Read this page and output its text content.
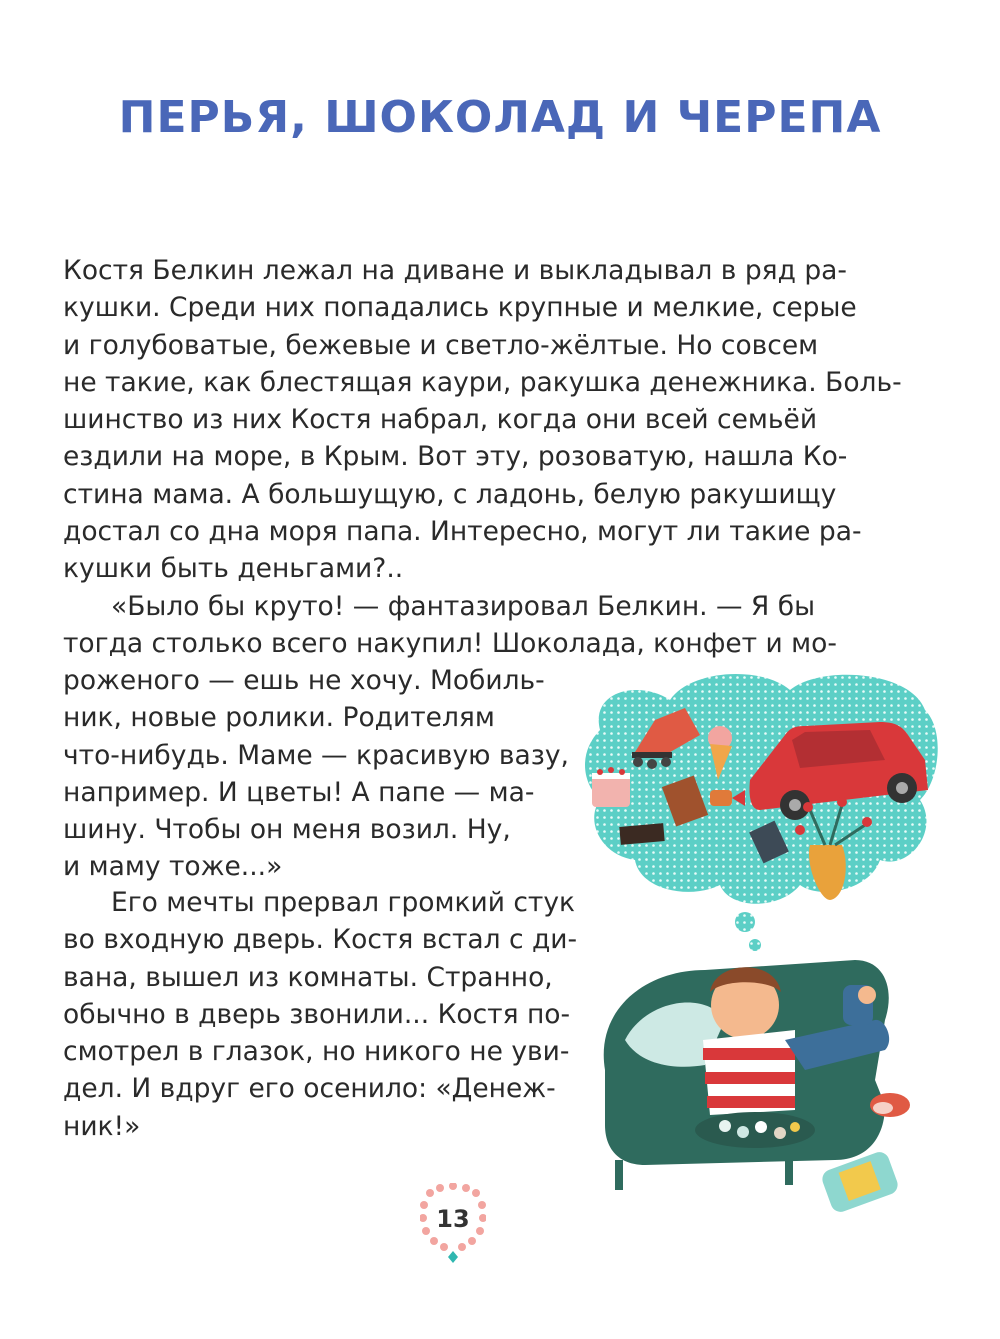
ПЕРЬЯ, ШОКОЛАД И ЧЕРЕПА
Костя Белкин лежал на диване и выкладывал в ряд ра-
кушки. Среди них попадались крупные и мелкие, серые
и голубоватые, бежевые и светло-жёлтые. Но совсем
не такие, как блестящая каури, ракушка денежника. Боль-
шинство из них Костя набрал, когда они всей семьёй
ездили на море, в Крым. Вот эту, розоватую, нашла Ко-
стина мама. А большущую, с ладонь, белую ракушищу
достал со дна моря папа. Интересно, могут ли такие ра-
кушки быть деньгами?..
«Было бы круто! — фантазировал Белкин. — Я бы
тогда столько всего накупил! Шоколада, конфет и мо-
роженого — ешь не хочу. Мобиль-
ник, новые ролики. Родителям
что-нибудь. Маме — красивую вазу,
например. И цветы! А папе — ма-
шину. Чтобы он меня возил. Ну,
и маму тоже...»
Его мечты прервал громкий стук
во входную дверь. Костя встал с ди-
вана, вышел из комнаты. Странно,
обычно в дверь звонили... Костя по-
смотрел в глазок, но никого не уви-
дел. И вдруг его осенило: «Денеж-
ник!»
13
